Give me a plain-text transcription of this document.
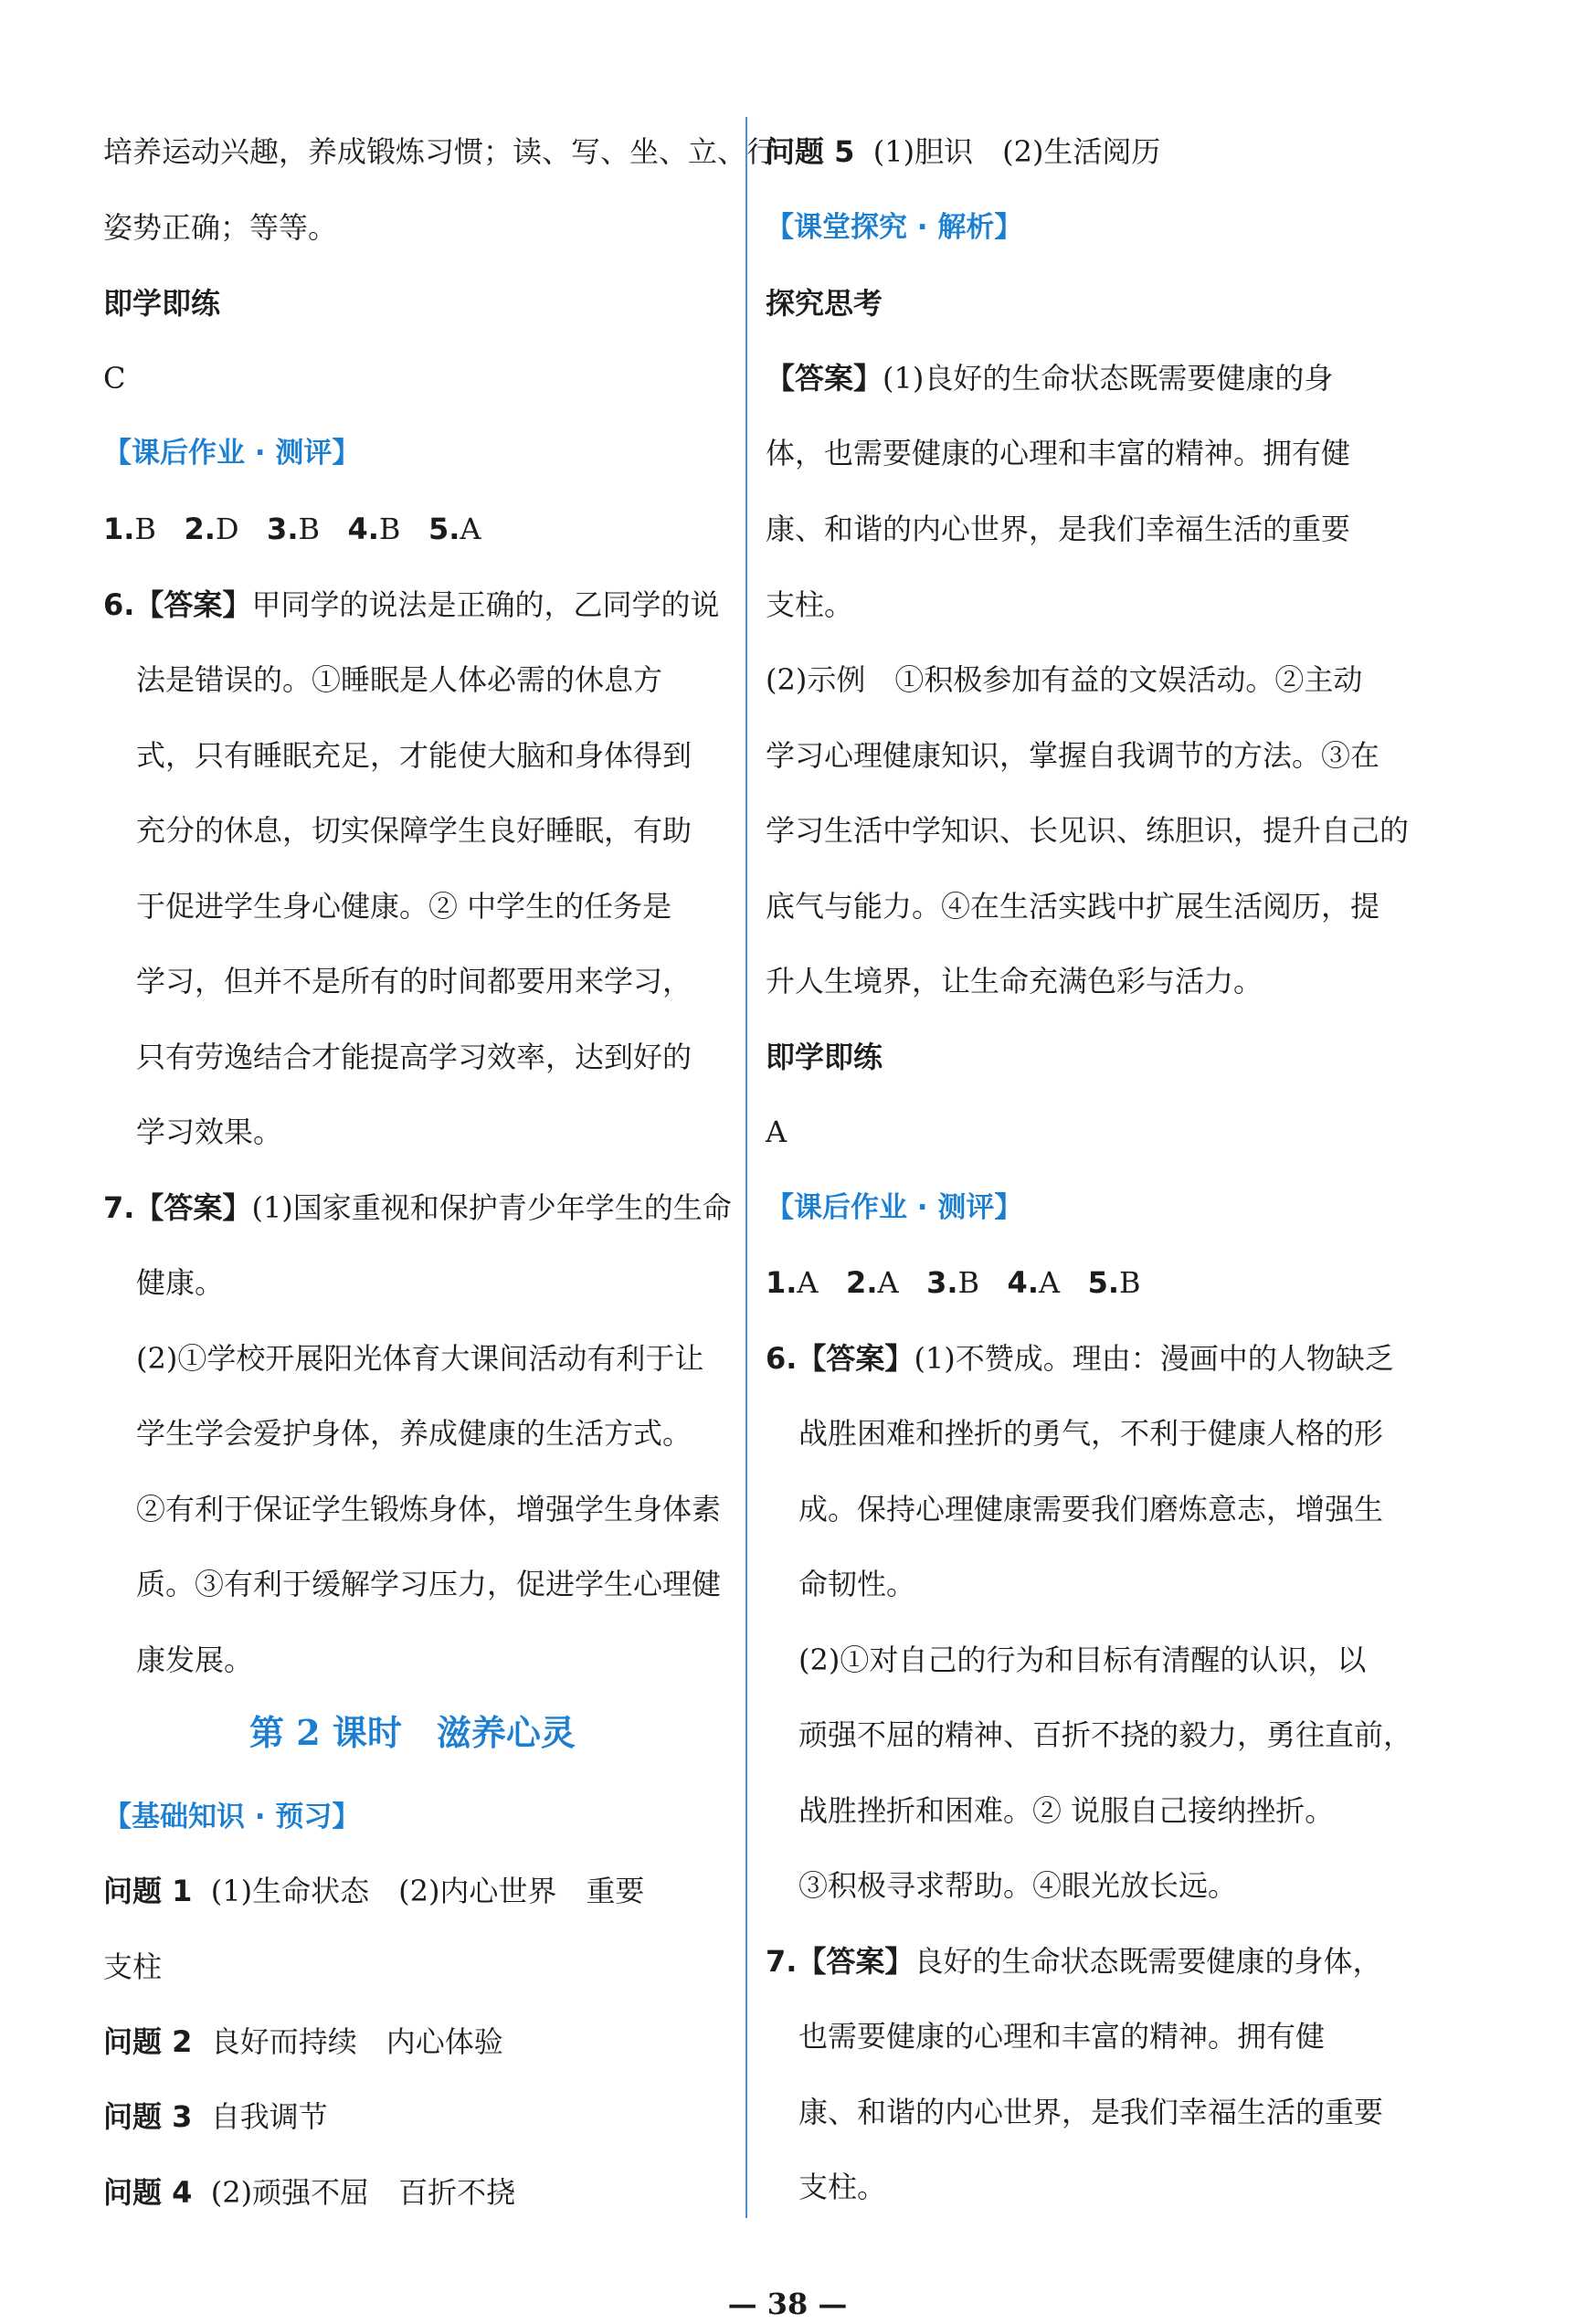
培养运动兴趣，养成锻炼习惯；读、写、坐、立、行
姿势正确；等等。
即学即练
C
【课后作业 · 测评】
1.B 2.D 3.B 4.B 5.A
6.【答案】甲同学的说法是正确的，乙同学的说
法是错误的。①睡眠是人体必需的休息方
式，只有睡眠充足，才能使大脑和身体得到
充分的休息，切实保障学生良好睡眠，有助
于促进学生身心健康。② 中学生的任务是
学习，但并不是所有的时间都要用来学习，
只有劳逸结合才能提高学习效率，达到好的
学习效果。
7.【答案】(1)国家重视和保护青少年学生的生命
健康。
(2)①学校开展阳光体育大课间活动有利于让
学生学会爱护身体，养成健康的生活方式。
②有利于保证学生锻炼身体，增强学生身体素
质。③有利于缓解学习压力，促进学生心理健
康发展。
第 2 课时　滋养心灵
【基础知识 · 预习】
问题 1 (1)生命状态　(2)内心世界　重要
支柱
问题 2 良好而持续　内心体验
问题 3 自我调节
问题 4 (2)顽强不屈　百折不挠
问题 5 (1)胆识　(2)生活阅历
【课堂探究 · 解析】
探究思考
【答案】(1)良好的生命状态既需要健康的身
体，也需要健康的心理和丰富的精神。拥有健
康、和谐的内心世界，是我们幸福生活的重要
支柱。
(2)示例　①积极参加有益的文娱活动。②主动
学习心理健康知识，掌握自我调节的方法。③在
学习生活中学知识、长见识、练胆识，提升自己的
底气与能力。④在生活实践中扩展生活阅历，提
升人生境界，让生命充满色彩与活力。
即学即练
A
【课后作业 · 测评】
1.A 2.A 3.B 4.A 5.B
6.【答案】(1)不赞成。理由：漫画中的人物缺乏
战胜困难和挫折的勇气，不利于健康人格的形
成。保持心理健康需要我们磨炼意志，增强生
命韧性。
(2)①对自己的行为和目标有清醒的认识，以
顽强不屈的精神、百折不挠的毅力，勇往直前，
战胜挫折和困难。② 说服自己接纳挫折。
③积极寻求帮助。④眼光放长远。
7.【答案】良好的生命状态既需要健康的身体，
也需要健康的心理和丰富的精神。拥有健
康、和谐的内心世界，是我们幸福生活的重要
支柱。
— 38 —
